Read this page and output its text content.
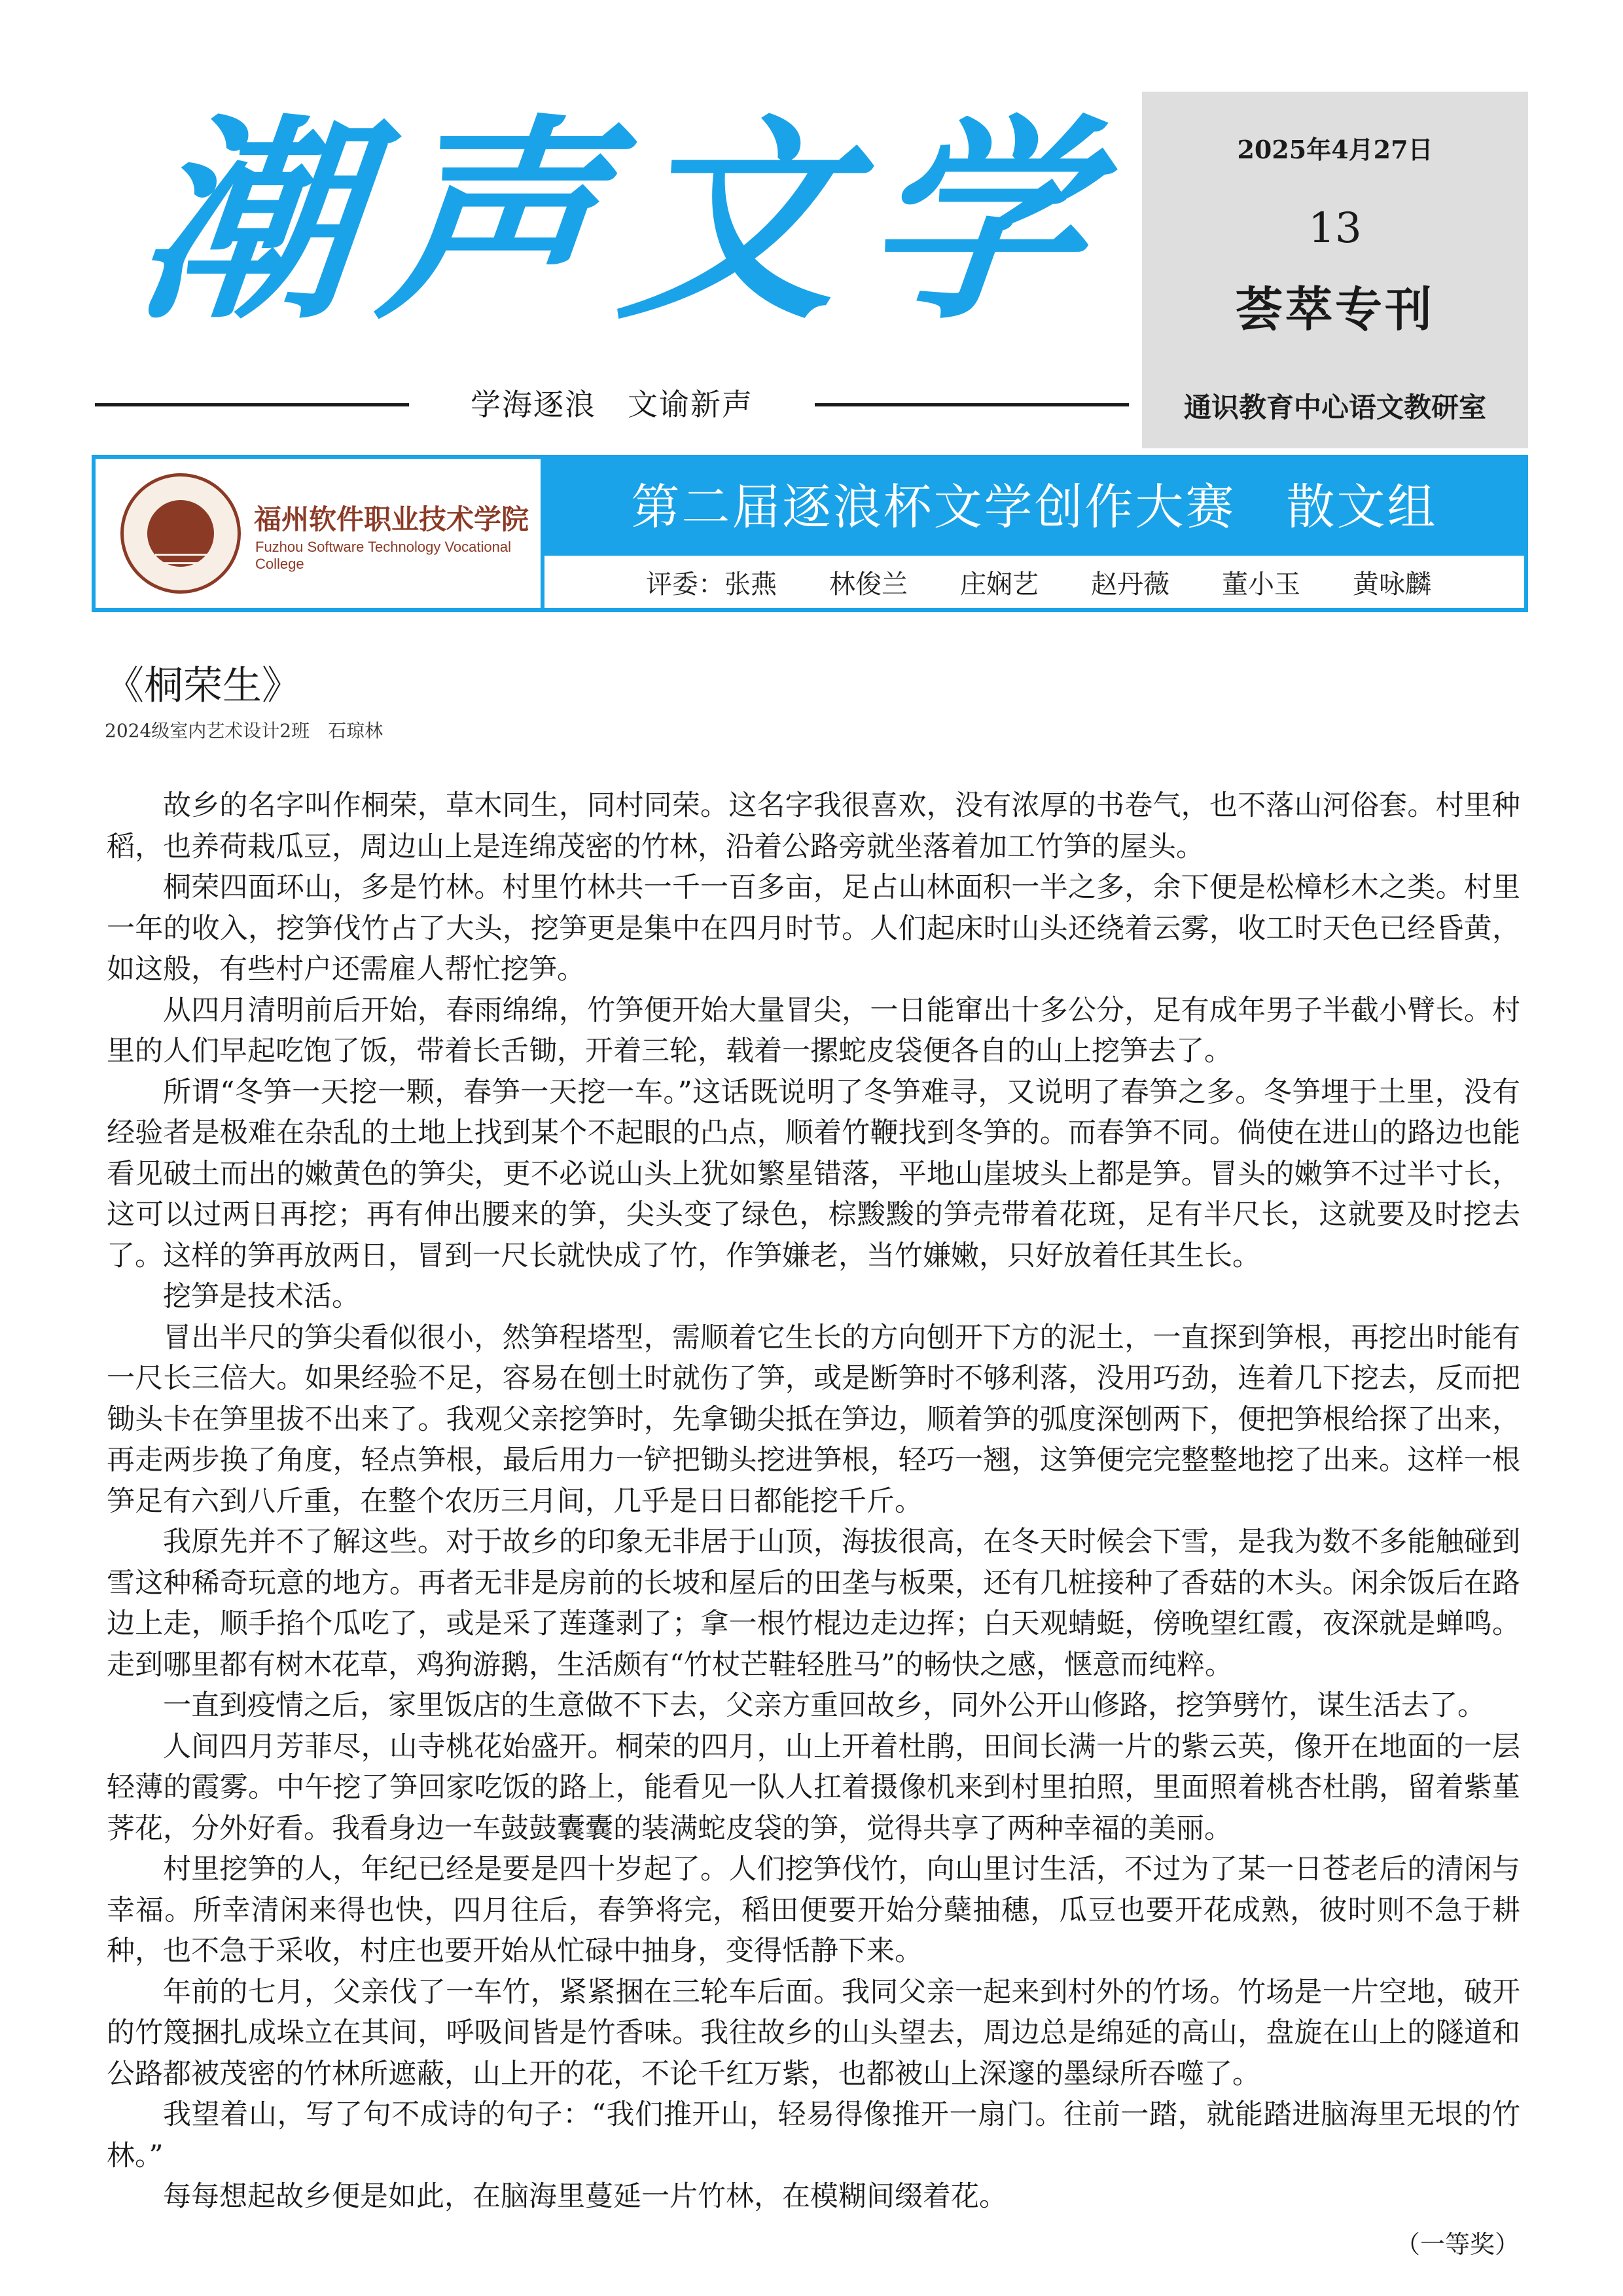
潮 声 文 学
学海逐浪　文谕新声
2025年4月27日
13
荟萃专刊
通识教育中心语文教研室
福州软件职业技术学院
Fuzhou Software Technology Vocational College
第二届逐浪杯文学创作大赛　散文组
评委：张燕	林俊兰 庄娴艺 赵丹薇 董小玉 黄咏麟
《桐荣生》
2024级室内艺术设计2班　石琼林

故乡的名字叫作桐荣，草木同生，同村同荣。这名字我很喜欢，没有浓厚的书卷气，也不落山河俗套。村里种稻，也养荷栽瓜豆，周边山上是连绵茂密的竹林，沿着公路旁就坐落着加工竹笋的屋头。

桐荣四面环山，多是竹林。村里竹林共一千一百多亩，足占山林面积一半之多，余下便是松樟杉木之类。村里一年的收入，挖笋伐竹占了大头，挖笋更是集中在四月时节。人们起床时山头还绕着云雾，收工时天色已经昏黄，如这般，有些村户还需雇人帮忙挖笋。

从四月清明前后开始，春雨绵绵，竹笋便开始大量冒尖，一日能窜出十多公分，足有成年男子半截小臂长。村里的人们早起吃饱了饭，带着长舌锄，开着三轮，载着一摞蛇皮袋便各自的山上挖笋去了。

所谓“冬笋一天挖一颗，春笋一天挖一车。”这话既说明了冬笋难寻，又说明了春笋之多。冬笋埋于土里，没有经验者是极难在杂乱的土地上找到某个不起眼的凸点，顺着竹鞭找到冬笋的。而春笋不同。倘使在进山的路边也能看见破土而出的嫩黄色的笋尖，更不必说山头上犹如繁星错落，平地山崖坡头上都是笋。冒头的嫩笋不过半寸长，这可以过两日再挖；再有伸出腰来的笋，尖头变了绿色，棕黢黢的笋壳带着花斑，足有半尺长，这就要及时挖去了。这样的笋再放两日，冒到一尺长就快成了竹，作笋嫌老，当竹嫌嫩，只好放着任其生长。

挖笋是技术活。

冒出半尺的笋尖看似很小，然笋程塔型，需顺着它生长的方向刨开下方的泥土，一直探到笋根，再挖出时能有一尺长三倍大。如果经验不足，容易在刨土时就伤了笋，或是断笋时不够利落，没用巧劲，连着几下挖去，反而把锄头卡在笋里拔不出来了。我观父亲挖笋时，先拿锄尖抵在笋边，顺着笋的弧度深刨两下，便把笋根给探了出来，再走两步换了角度，轻点笋根，最后用力一铲把锄头挖进笋根，轻巧一翘，这笋便完完整整地挖了出来。这样一根笋足有六到八斤重，在整个农历三月间，几乎是日日都能挖千斤。

我原先并不了解这些。对于故乡的印象无非居于山顶，海拔很高，在冬天时候会下雪，是我为数不多能触碰到雪这种稀奇玩意的地方。再者无非是房前的长坡和屋后的田垄与板栗，还有几桩接种了香菇的木头。闲余饭后在路边上走，顺手掐个瓜吃了，或是采了莲蓬剥了；拿一根竹棍边走边挥；白天观蜻蜓，傍晚望红霞，夜深就是蝉鸣。走到哪里都有树木花草，鸡狗游鹅，生活颇有“竹杖芒鞋轻胜马”的畅快之感，惬意而纯粹。

一直到疫情之后，家里饭店的生意做不下去，父亲方重回故乡，同外公开山修路，挖笋劈竹，谋生活去了。

人间四月芳菲尽，山寺桃花始盛开。桐荣的四月，山上开着杜鹃，田间长满一片的紫云英，像开在地面的一层轻薄的霞雾。中午挖了笋回家吃饭的路上，能看见一队人扛着摄像机来到村里拍照，里面照着桃杏杜鹃，留着紫堇荠花，分外好看。我看身边一车鼓鼓囊囊的装满蛇皮袋的笋，觉得共享了两种幸福的美丽。

村里挖笋的人，年纪已经是要是四十岁起了。人们挖笋伐竹，向山里讨生活，不过为了某一日苍老后的清闲与幸福。所幸清闲来得也快，四月往后，春笋将完，稻田便要开始分蘖抽穗，瓜豆也要开花成熟，彼时则不急于耕种，也不急于采收，村庄也要开始从忙碌中抽身，变得恬静下来。

年前的七月，父亲伐了一车竹，紧紧捆在三轮车后面。我同父亲一起来到村外的竹场。竹场是一片空地，破开的竹篾捆扎成垛立在其间，呼吸间皆是竹香味。我往故乡的山头望去，周边总是绵延的高山，盘旋在山上的隧道和公路都被茂密的竹林所遮蔽，山上开的花，不论千红万紫，也都被山上深邃的墨绿所吞噬了。

我望着山，写了句不成诗的句子：“我们推开山，轻易得像推开一扇门。往前一踏，就能踏进脑海里无垠的竹林。”

每每想起故乡便是如此，在脑海里蔓延一片竹林，在模糊间缀着花。

（一等奖）
